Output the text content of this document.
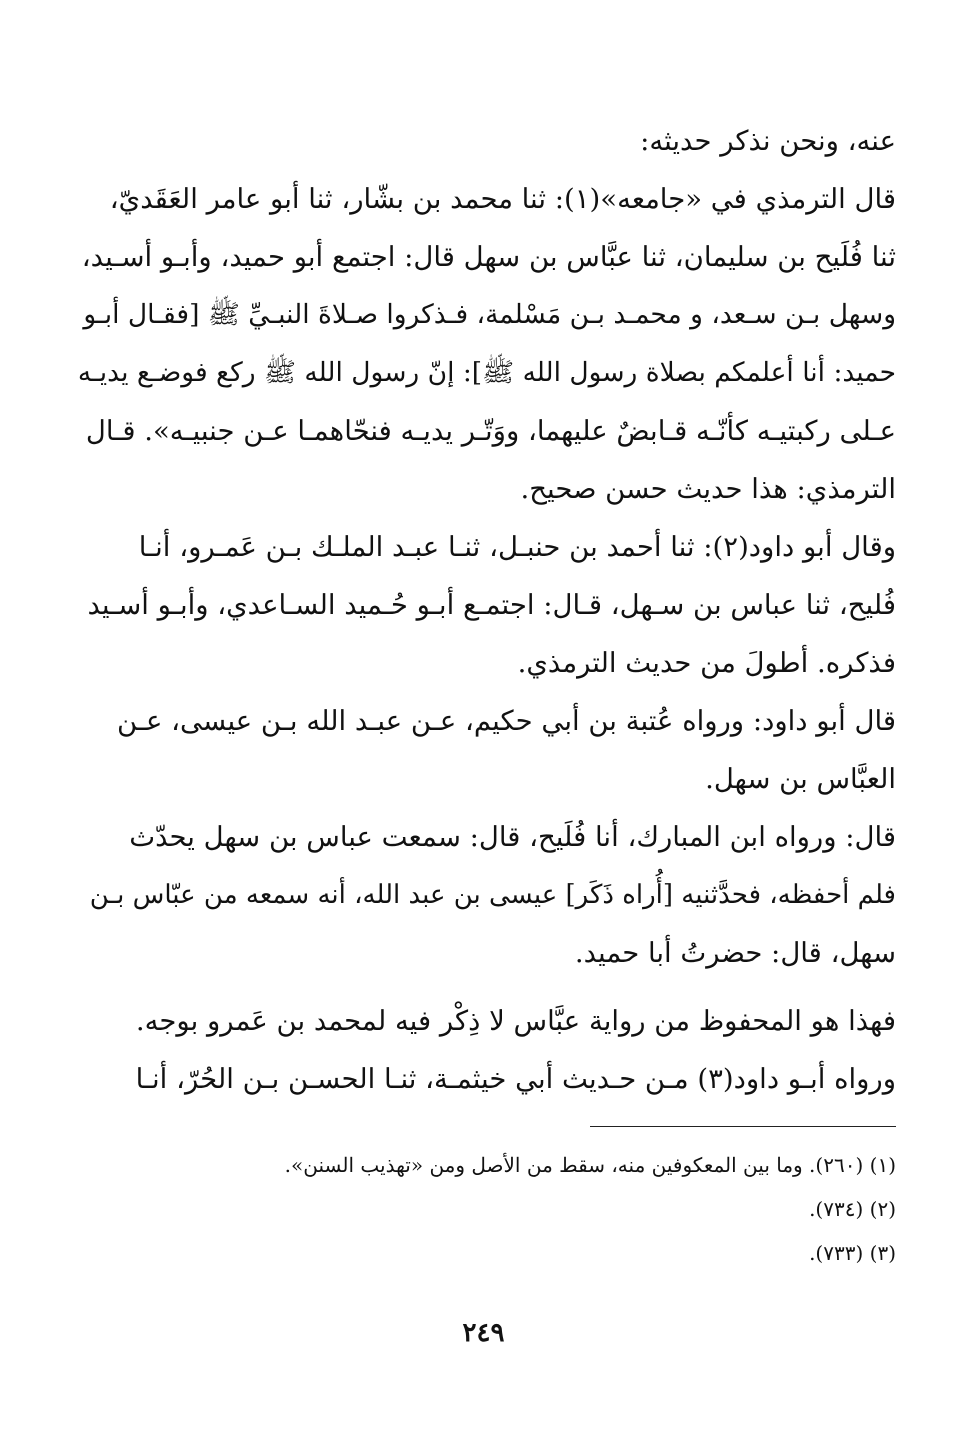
عنه، ونحن نذكر حديثه:
قال الترمذي في «جامعه»(١): ثنا محمد بن بشّار، ثنا أبو عامر العَقَديّ،
ثنا فُلَيح بن سليمان، ثنا عبَّاس بن سهل قال: اجتمع أبو حميد، وأبـو أسـيد،
وسهل بـن سـعد، و محمـد بـن مَسْلمة، فـذكروا صـلاةَ النبـيِّ ﷺ [فقـال أبـو
حميد: أنا أعلمكم بصلاة رسول الله ﷺ]: إنّ رسول الله ﷺ ركع فوضـع يديـه
عـلى ركبتيـه كأنّـه قـابضٌ عليهما، ووَتّـر يديـه فنحّاهمـا عـن جنبيـه». قـال
الترمذي: هذا حديث حسن صحيح.
وقال أبو داود(٢): ثنا أحمد بن حنبـل، ثنـا عبـد الملـك بـن عَمـرو، أنـا
فُليح، ثنا عباس بن سـهل، قـال: اجتمـع أبـو حُـميد السـاعدي، وأبـو أسـيد
فذكره. أطولَ من حديث الترمذي.
قال أبو داود: ورواه عُتبة بن أبي حكيم، عـن عبـد الله بـن عيسى، عـن
العبَّاس بن سهل.
قال: ورواه ابن المبارك، أنا فُلَيح، قال: سمعت عباس بن سهل يحدّث
فلم أحفظه، فحدَّثنيه [أُراه ذَكَر] عيسى بن عبد الله، أنه سمعه من عبّاس بـن
سهل، قال: حضرتُ أبا حميد.
فهذا هو المحفوظ من رواية عبَّاس لا ذِكْر فيه لمحمد بن عَمرو بوجه.
ورواه أبـو داود(٣) مـن حـديث أبي خيثمـة، ثنـا الحسـن بـن الحُرّ، أنـا
(١) (٢٦٠). وما بين المعكوفين منه، سقط من الأصل ومن «تهذيب السنن».
(٢) (٧٣٤).
(٣) (٧٣٣).
٢٤٩
